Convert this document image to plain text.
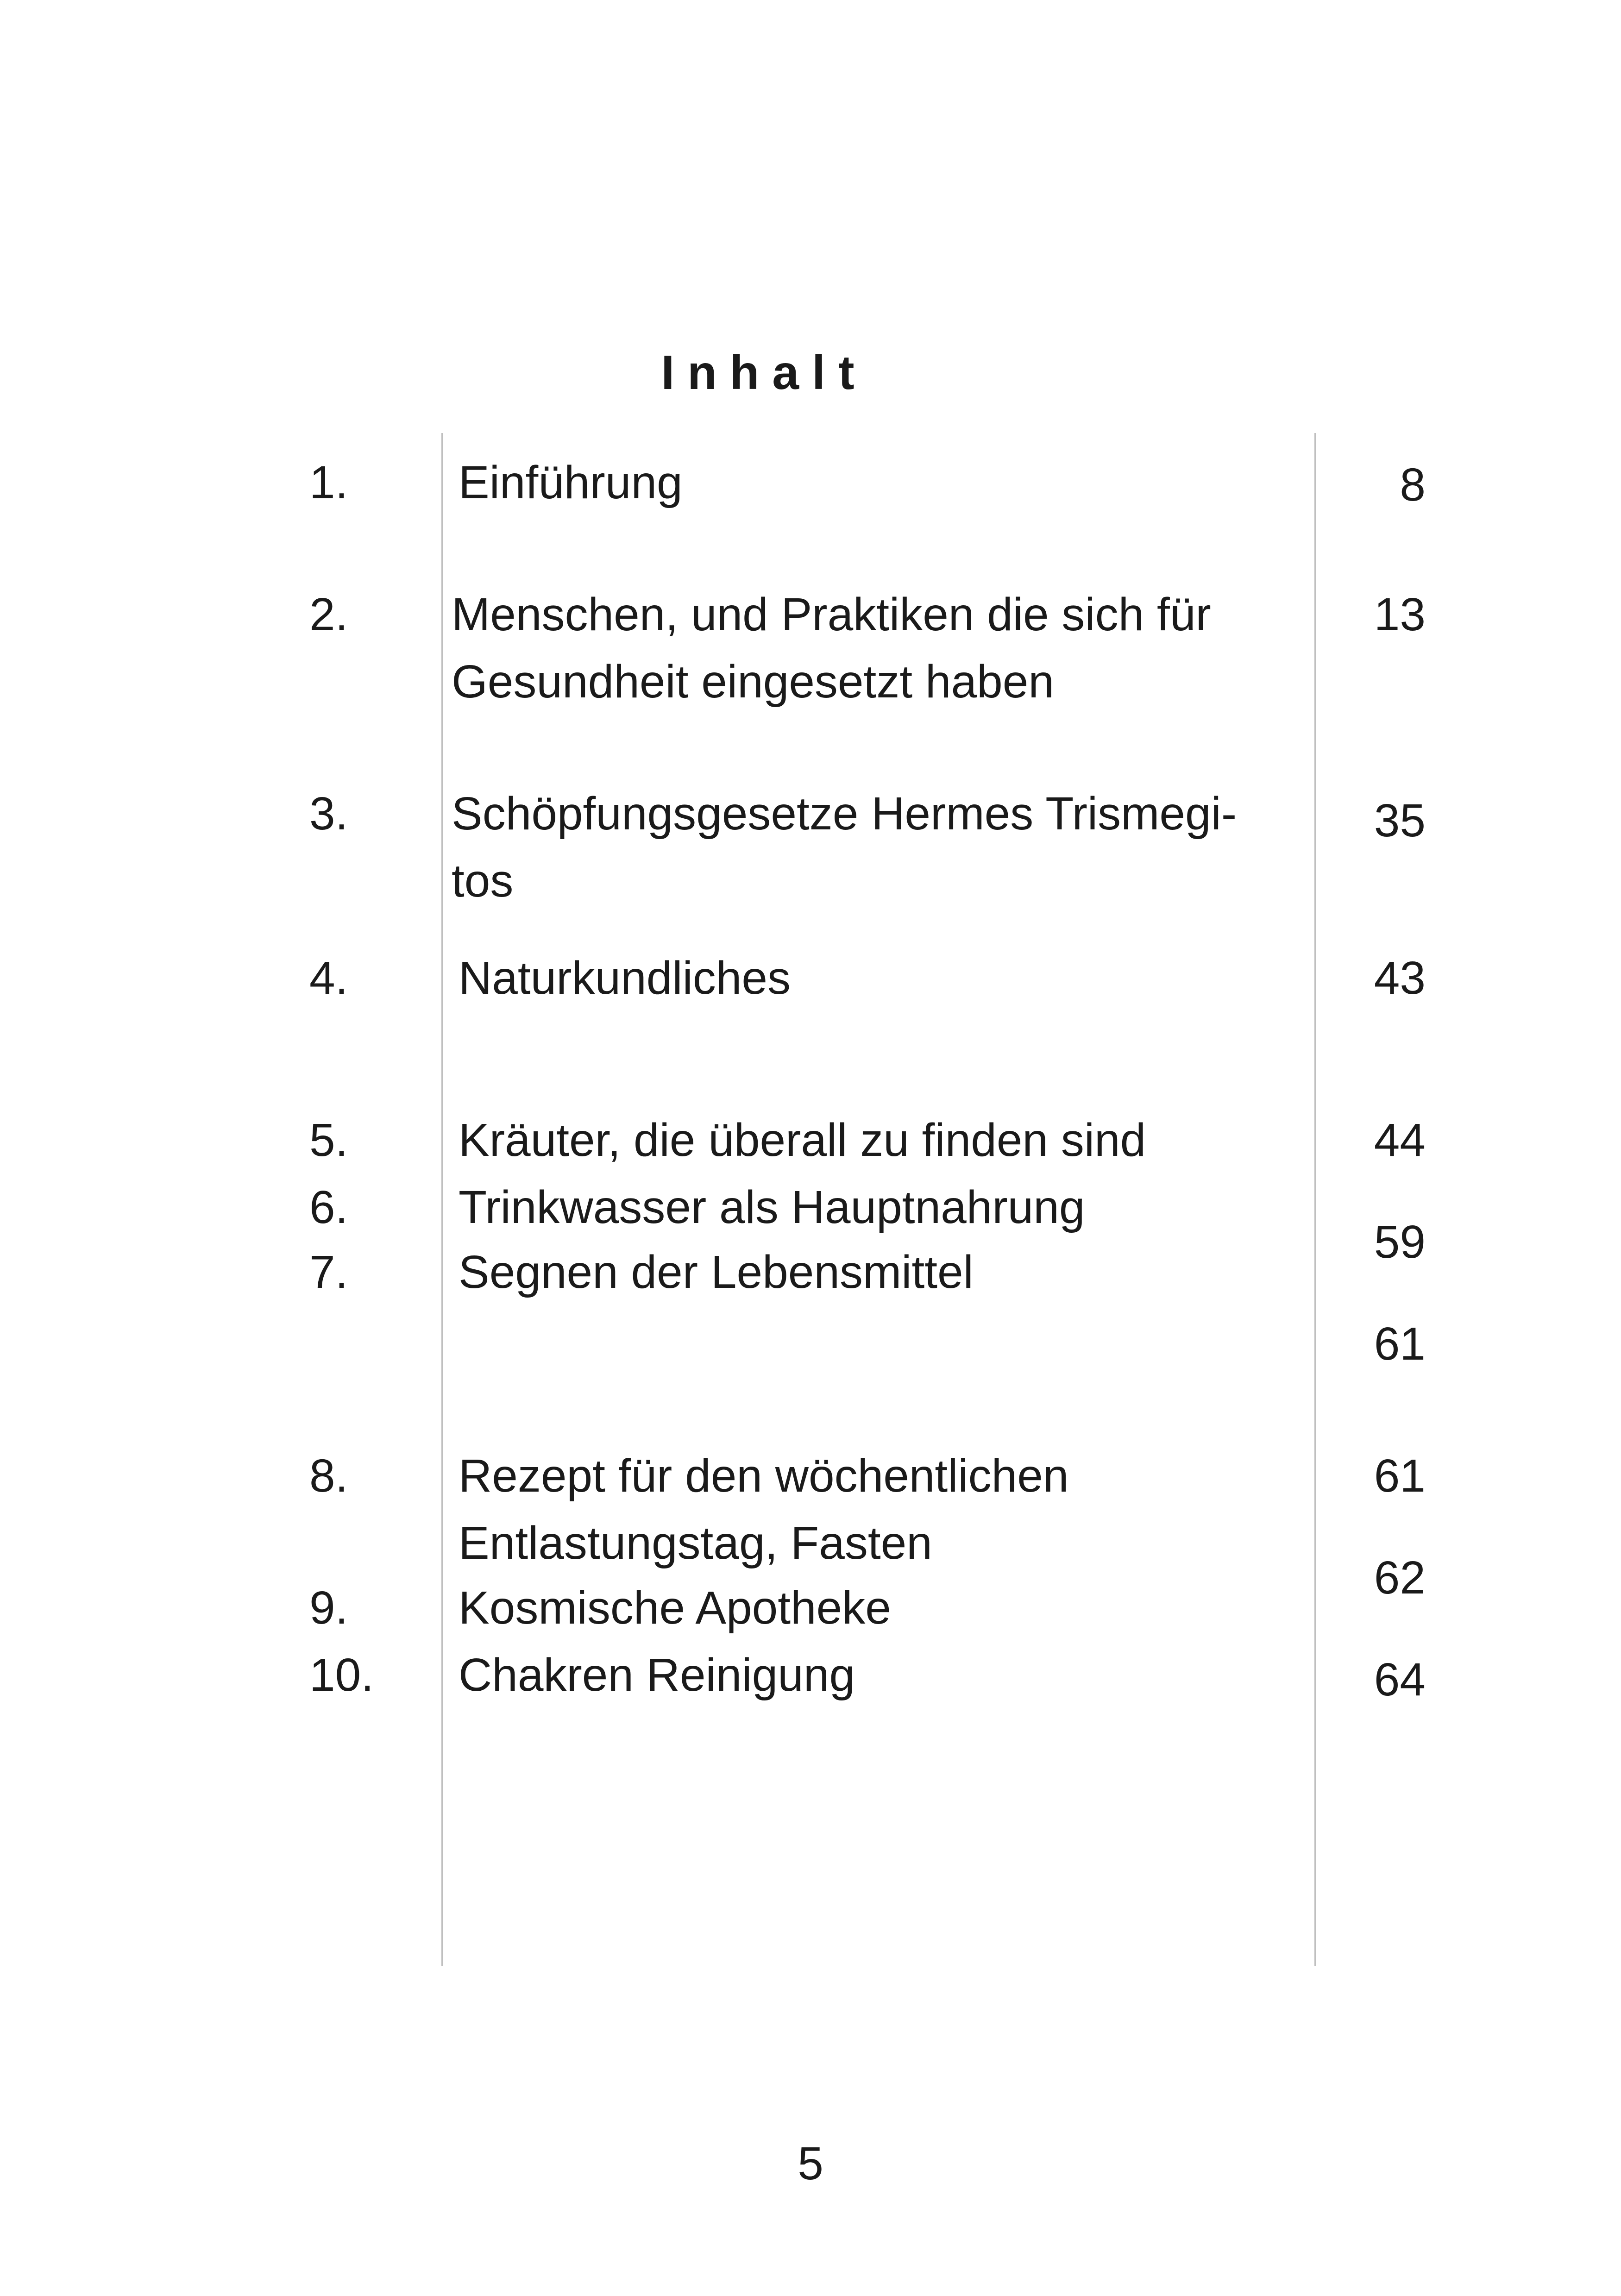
Inhalt
1.
2.
3.
4.
5.
6.
7.
8.
9.
10.
Einführung
Menschen, und Praktiken die sich für
Gesundheit eingesetzt haben
Schöpfungsgesetze Hermes Trismegi-
tos
Naturkundliches
Kräuter, die überall zu finden sind
Trinkwasser als Hauptnahrung
Segnen der Lebensmittel
Rezept für den wöchentlichen
Entlastungstag, Fasten
Kosmische Apotheke
Chakren Reinigung
8
13
35
43
44
59
61
61
62
64
5
